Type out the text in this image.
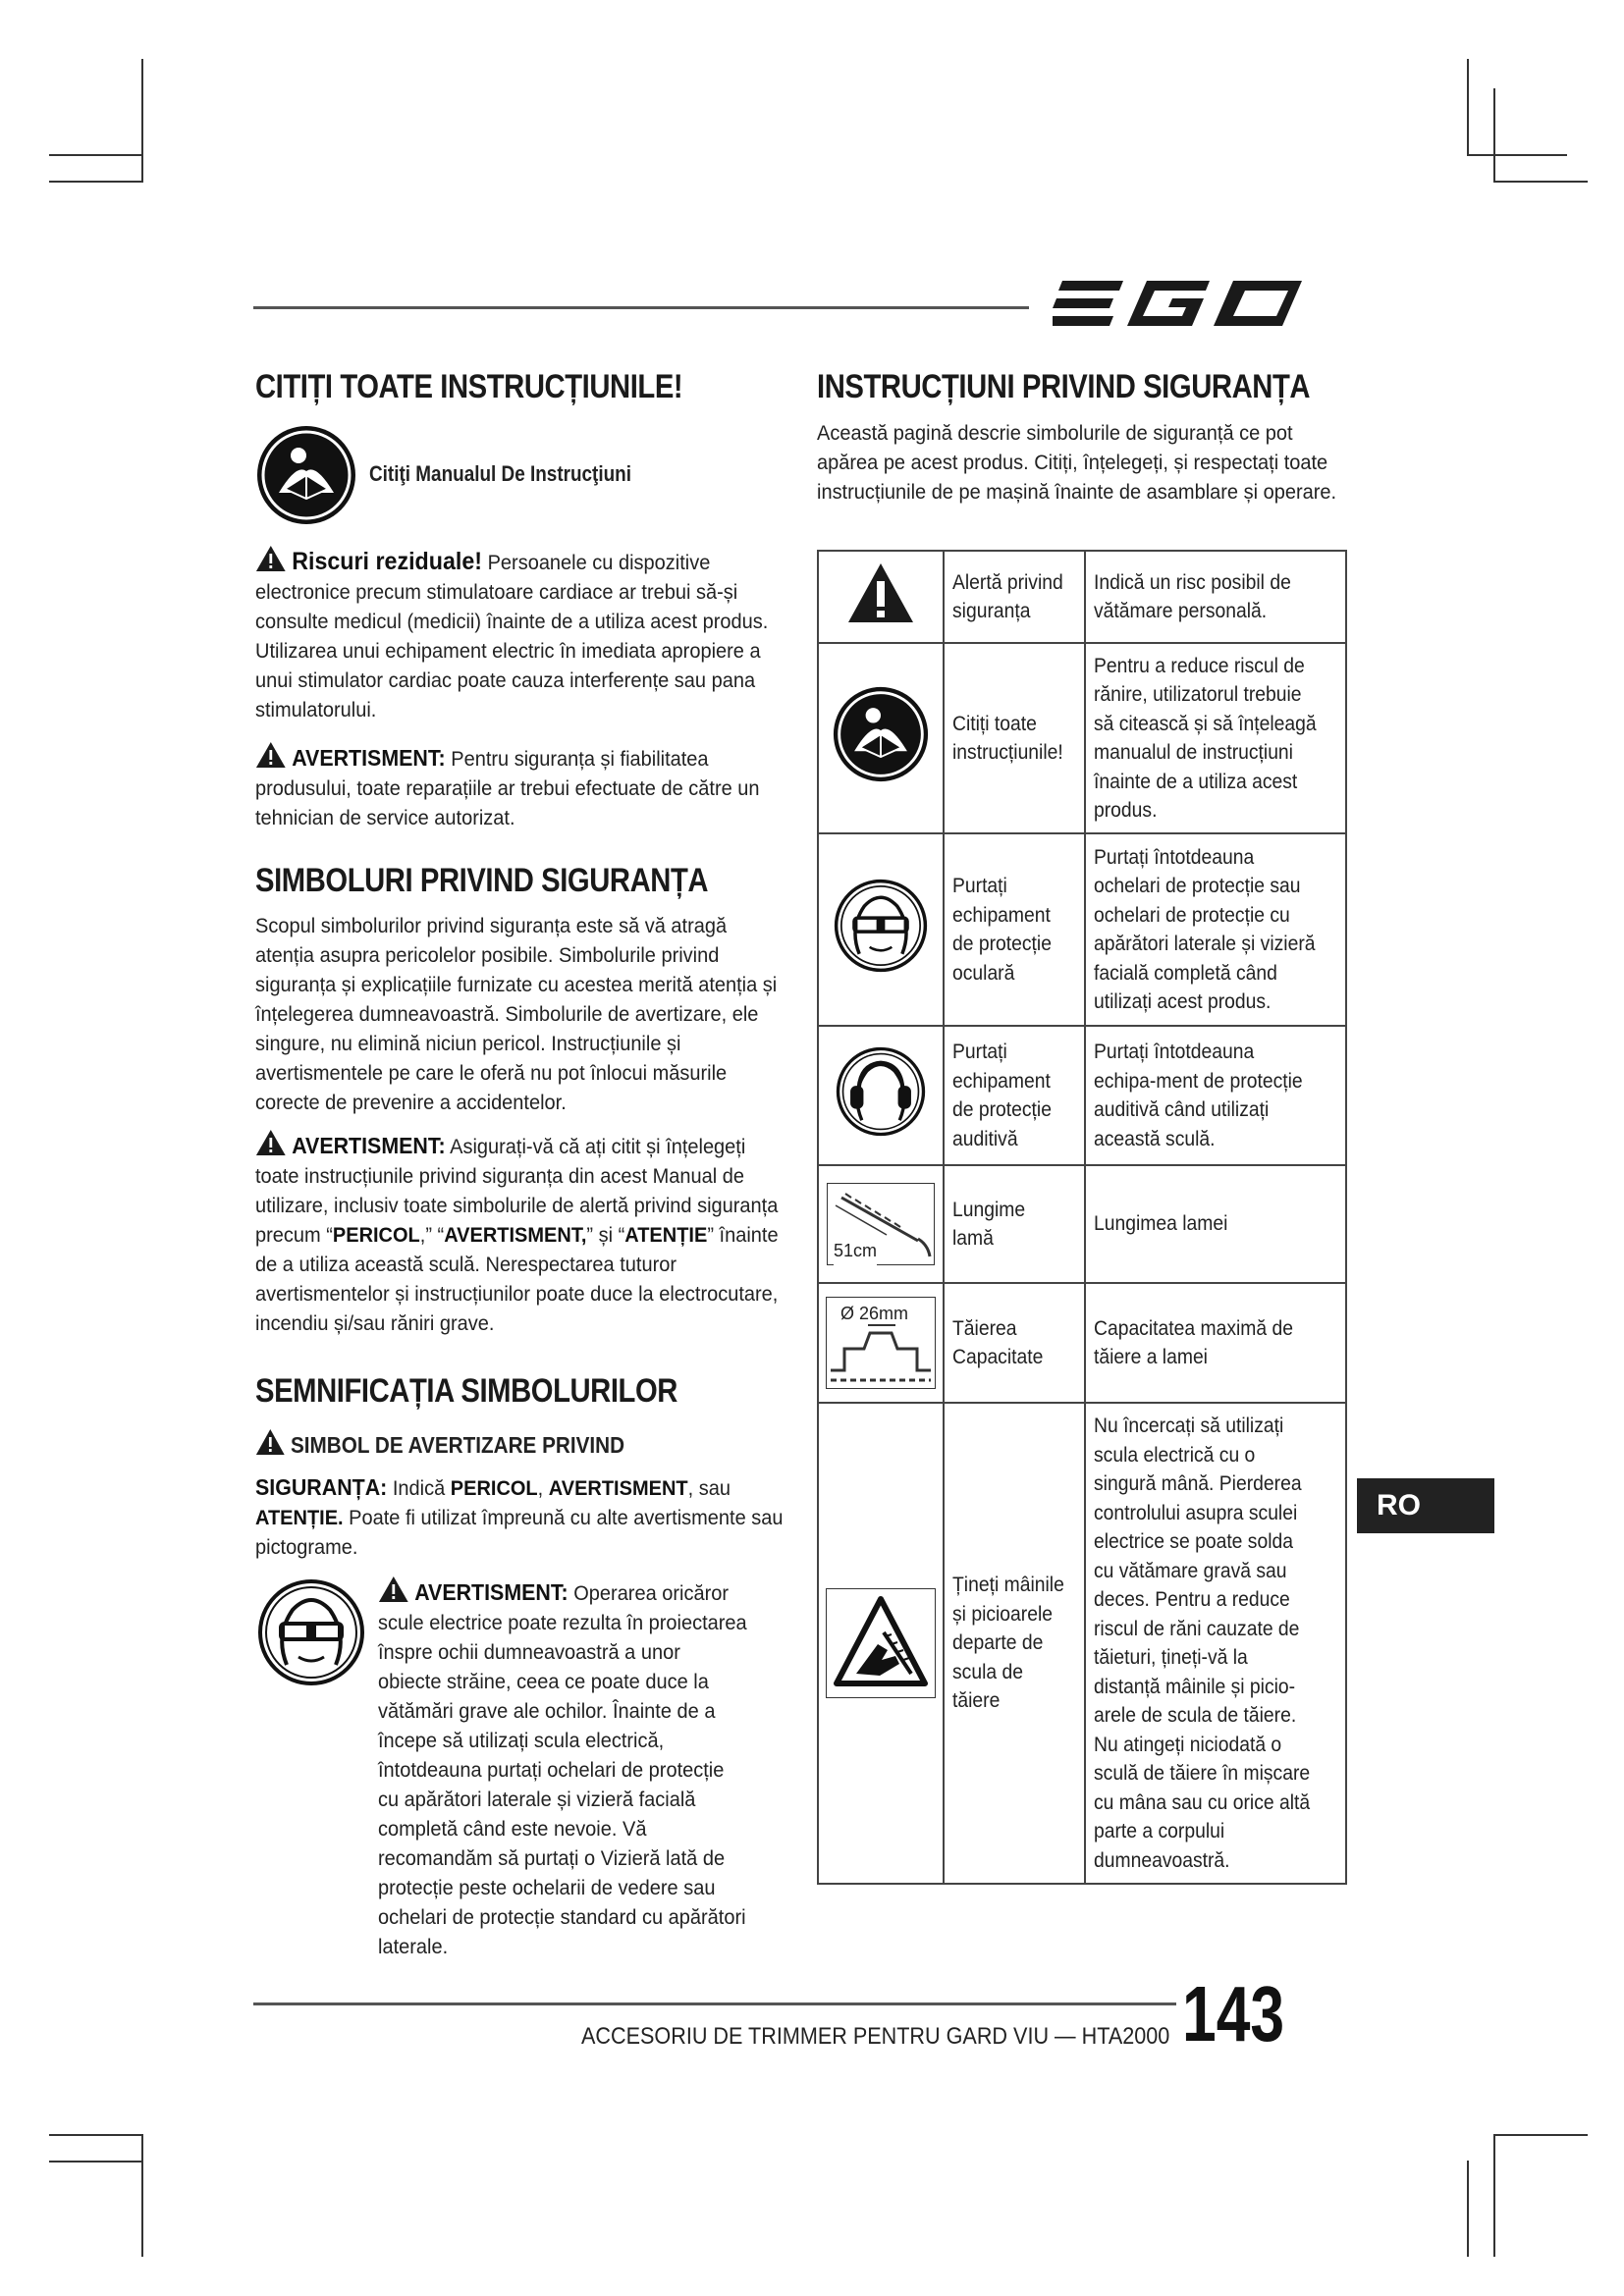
EGO
CITIȚI TOATE INSTRUCȚIUNILE!
Citiţi Manualul De Instrucţiuni

Riscuri reziduale! Persoanele cu dispozitive electronice precum stimulatoare cardiace ar trebui să-și consulte medicul (medicii) înainte de a utiliza acest produs. Utilizarea unui echipament electric în imediata apropiere a unui stimulator cardiac poate cauza interferențe sau pana stimulatorului.

AVERTISMENT: Pentru siguranța și fiabilitatea produsului, toate reparațiile ar trebui efectuate de către un tehnician de service autorizat.

SIMBOLURI PRIVIND SIGURANȚA

Scopul simbolurilor privind siguranța este să vă atragă atenția asupra pericolelor posibile. Simbolurile privind siguranța și explicațiile furnizate cu acestea merită atenția și înțelegerea dumneavoastră. Simbolurile de avertizare, ele singure, nu elimină niciun pericol. Instrucțiunile și avertismentele pe care le oferă nu pot înlocui măsurile corecte de prevenire a accidentelor.

AVERTISMENT: Asigurați-vă că ați citit și înțelegeți toate instrucțiunile privind siguranța din acest Manual de utilizare, inclusiv toate simbolurile de alertă privind siguranța precum “PERICOL,” “AVERTISMENT,” și “ATENȚIE” înainte de a utiliza această sculă. Nerespectarea tuturor avertismentelor și instrucțiunilor poate duce la electrocutare, incendiu și/sau răniri grave.

SEMNIFICAȚIA SIMBOLURILOR
SIMBOL DE AVERTIZARE PRIVIND

SIGURANȚA: Indică PERICOL, AVERTISMENT, sau ATENȚIE. Poate fi utilizat împreună cu alte avertismente sau pictograme.

AVERTISMENT: Operarea oricăror scule electrice poate rezulta în proiectarea înspre ochii dumneavoastră a unor obiecte străine, ceea ce poate duce la vătămări grave ale ochilor. Înainte de a începe să utilizați scula electrică, întotdeauna purtați ochelari de protecție cu apărători laterale și vizieră facială completă când este nevoie. Vă recomandăm să purtați o Vizieră lată de protecție peste ochelarii de vedere sau ochelari de protecție standard cu apărători laterale.

INSTRUCȚIUNI PRIVIND SIGURANȚA

Această pagină descrie simbolurile de siguranță ce pot apărea pe acest produs. Citiți, înțelegeți, și respectați toate instrucțiunile de pe mașină înainte de asamblare și operare.

	Alertă privind siguranța	Indică un risc posibil de vătămare personală.
	Citiți toate instrucțiunile!	Pentru a reduce riscul de rănire, utilizatorul trebuie să citească și să înțeleagă manualul de instrucțiuni înainte de a utiliza acest produs.
	Purtați echipament de protecție oculară	Purtați întotdeauna ochelari de protecție sau ochelari de protecție cu apărători laterale și vizieră facială completă când utilizați acest produs.
	Purtați echipament de protecție auditivă	Purtați întotdeauna echipa-ment de protecție auditivă când utilizați această sculă.

51cm	Lungime lamă	Lungimea lamei

Ø 26mm	Tăierea Capacitate	Capacitatea maximă de tăiere a lamei

	Țineți mâinile și picioarele departe de scula de tăiere	Nu încercați să utilizați scula electrică cu o singură mână. Pierderea controlului asupra sculei electrice se poate solda cu vătămare gravă sau deces. Pentru a reduce riscul de răni cauzate de tăieturi, țineți-vă la distanță mâinile și picio-arele de scula de tăiere. Nu atingeți niciodată o sculă de tăiere în mișcare cu mâna sau cu orice altă parte a corpului dumneavoastră.
RO
ACCESORIU DE TRIMMER PENTRU GARD VIU — HTA2000 143
